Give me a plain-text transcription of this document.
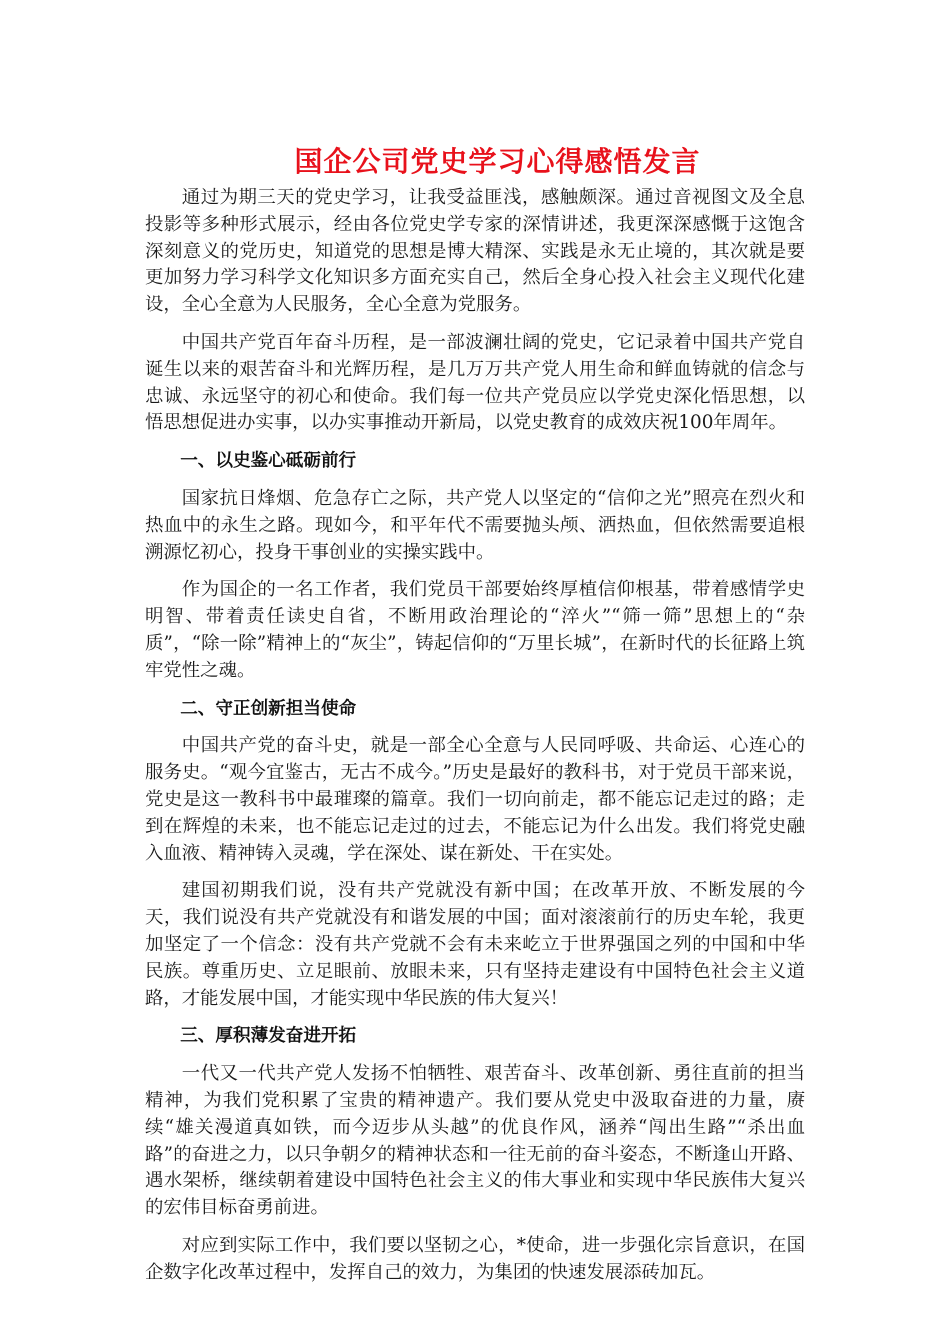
国企公司党史学习心得感悟发言

通过为期三天的党史学习，让我受益匪浅，感触颇深。通过音视图文及全息投影等多种形式展示，经由各位党史学专家的深情讲述，我更深深感慨于这饱含深刻意义的党历史，知道党的思想是博大精深、实践是永无止境的，其次就是要更加努力学习科学文化知识多方面充实自己，然后全身心投入社会主义现代化建设，全心全意为人民服务，全心全意为党服务。

中国共产党百年奋斗历程，是一部波澜壮阔的党史，它记录着中国共产党自诞生以来的艰苦奋斗和光辉历程，是几万万共产党人用生命和鲜血铸就的信念与忠诚、永远坚守的初心和使命。我们每一位共产党员应以学党史深化悟思想，以悟思想促进办实事，以办实事推动开新局，以党史教育的成效庆祝100年周年。

一、以史鉴心砥砺前行

国家抗日烽烟、危急存亡之际，共产党人以坚定的“信仰之光”照亮在烈火和热血中的永生之路。现如今，和平年代不需要抛头颅、洒热血，但依然需要追根溯源忆初心，投身干事创业的实操实践中。

作为国企的一名工作者，我们党员干部要始终厚植信仰根基，带着感情学史明智、带着责任读史自省，不断用政治理论的“淬火”“筛一筛”思想上的“杂质”，“除一除”精神上的“灰尘”，铸起信仰的“万里长城”，在新时代的长征路上筑牢党性之魂。

二、守正创新担当使命

中国共产党的奋斗史，就是一部全心全意与人民同呼吸、共命运、心连心的服务史。“观今宜鉴古，无古不成今。”历史是最好的教科书，对于党员干部来说，党史是这一教科书中最璀璨的篇章。我们一切向前走，都不能忘记走过的路；走到在辉煌的未来，也不能忘记走过的过去，不能忘记为什么出发。我们将党史融入血液、精神铸入灵魂，学在深处、谋在新处、干在实处。

建国初期我们说，没有共产党就没有新中国；在改革开放、不断发展的今天，我们说没有共产党就没有和谐发展的中国；面对滚滚前行的历史车轮，我更加坚定了一个信念：没有共产党就不会有未来屹立于世界强国之列的中国和中华民族。尊重历史、立足眼前、放眼未来，只有坚持走建设有中国特色社会主义道路，才能发展中国，才能实现中华民族的伟大复兴！

三、厚积薄发奋进开拓

一代又一代共产党人发扬不怕牺牲、艰苦奋斗、改革创新、勇往直前的担当精神，为我们党积累了宝贵的精神遗产。我们要从党史中汲取奋进的力量，赓续“雄关漫道真如铁，而今迈步从头越”的优良作风，涵养“闯出生路”“杀出血路”的奋进之力，以只争朝夕的精神状态和一往无前的奋斗姿态，不断逢山开路、遇水架桥，继续朝着建设中国特色社会主义的伟大事业和实现中华民族伟大复兴的宏伟目标奋勇前进。

对应到实际工作中，我们要以坚韧之心，*使命，进一步强化宗旨意识，在国企数字化改革过程中，发挥自己的效力，为集团的快速发展添砖加瓦。
